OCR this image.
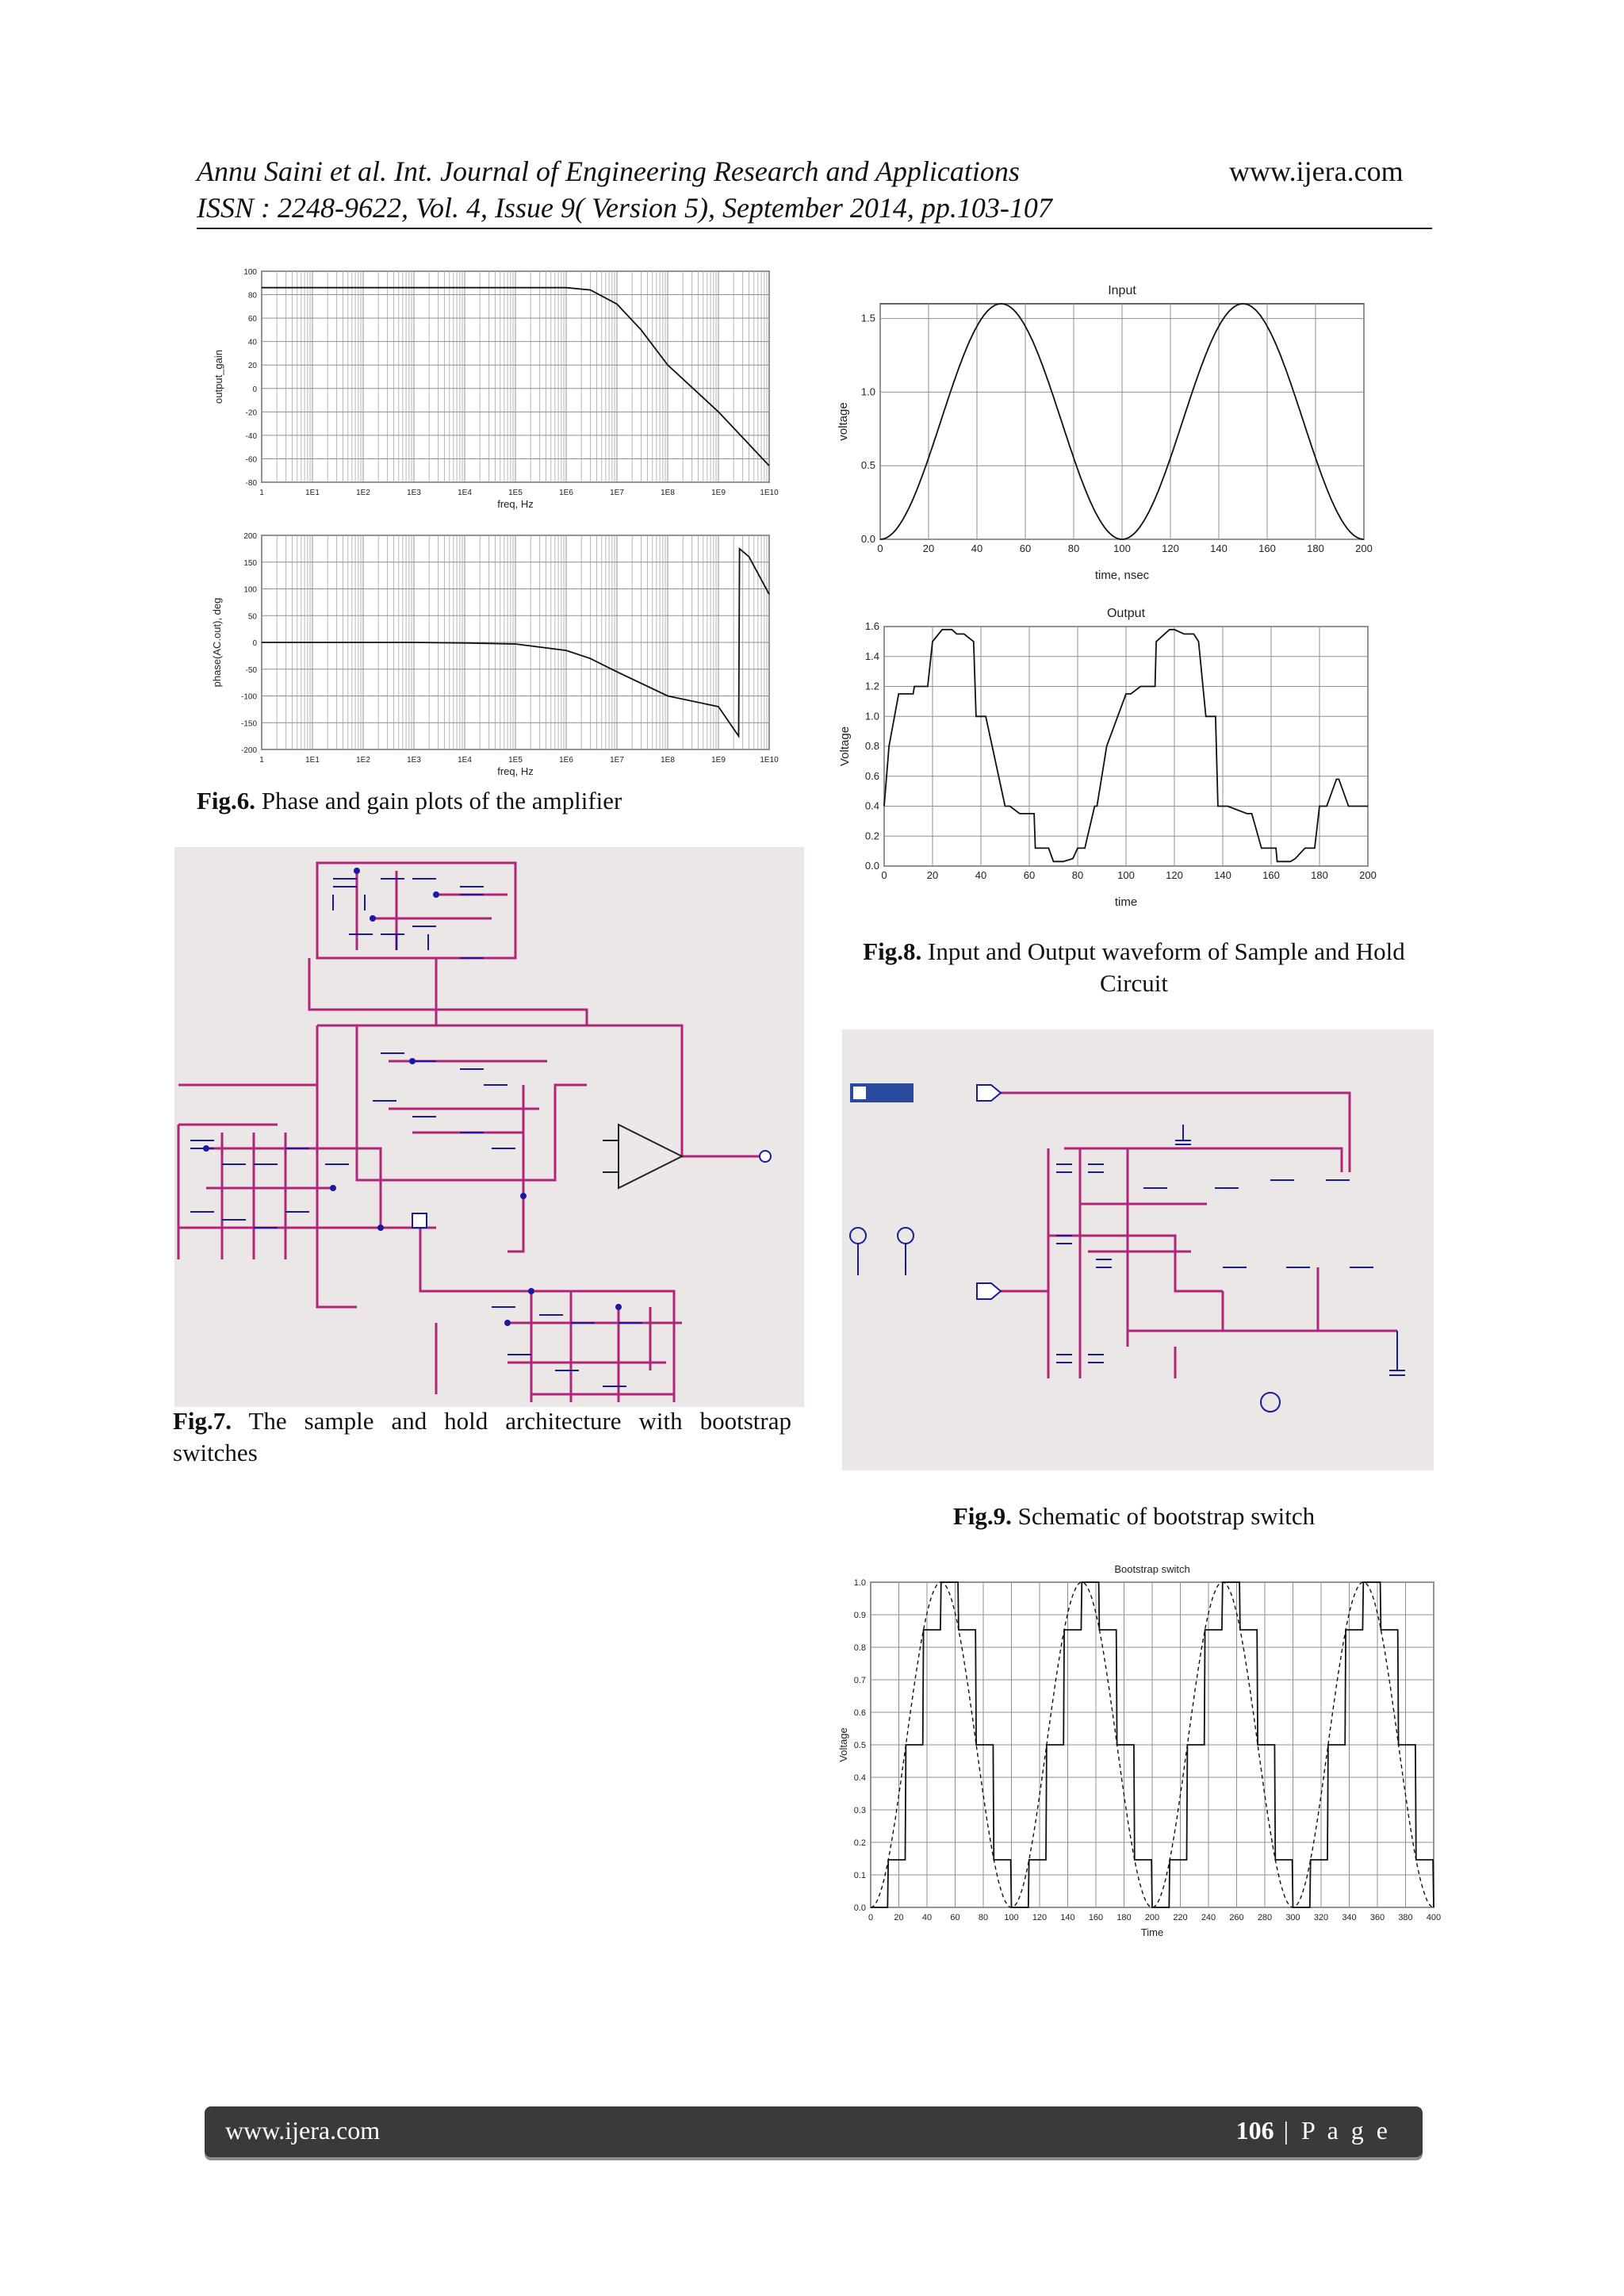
Annu Saini et al. Int. Journal of Engineering Research and Applications	www.ijera.com
ISSN : 2248-9622, Vol. 4, Issue 9( Version 5), September 2014, pp.103-107
1	1E1	1E2	1E3	1E4	1E5	1E6	1E7	1E8	1E9	1E10
100
80
60
40
20
0
-20
-40
-60
-80
freq, Hz
output_gain
1	1E1	1E2	1E3	1E4	1E5	1E6	1E7	1E8	1E9	1E10
200
150
100
50
0
-50
-100
-150
-200
freq, Hz
phase(AC.out), deg
Fig.6. Phase and gain plots of the amplifier
0	20	40	60	80	100	120	140	160	180	200
1.5
1.0
0.5
0.0
Input
time, nsec
voltage
0	20	40	60	80	100	120	140	160	180	200
1.6
1.4
1.2
1.0
0.8
0.6
0.4
0.2
0.0
Output
time
Voltage
Fig.8. Input and Output waveform of Sample and Hold Circuit
Fig.7. The sample and hold architecture with bootstrap switches
Fig.9. Schematic of bootstrap switch
0 20 40 60 80 100 120 140 160 180 200 220 240 260 280 300 320 340 360 380 400
1.0
0.9
0.8
0.7
0.6
0.5
0.4
0.3
0.2
0.1
0.0
Bootstrap switch
Time
Voltage
www.ijera.com	106 | P a g e
